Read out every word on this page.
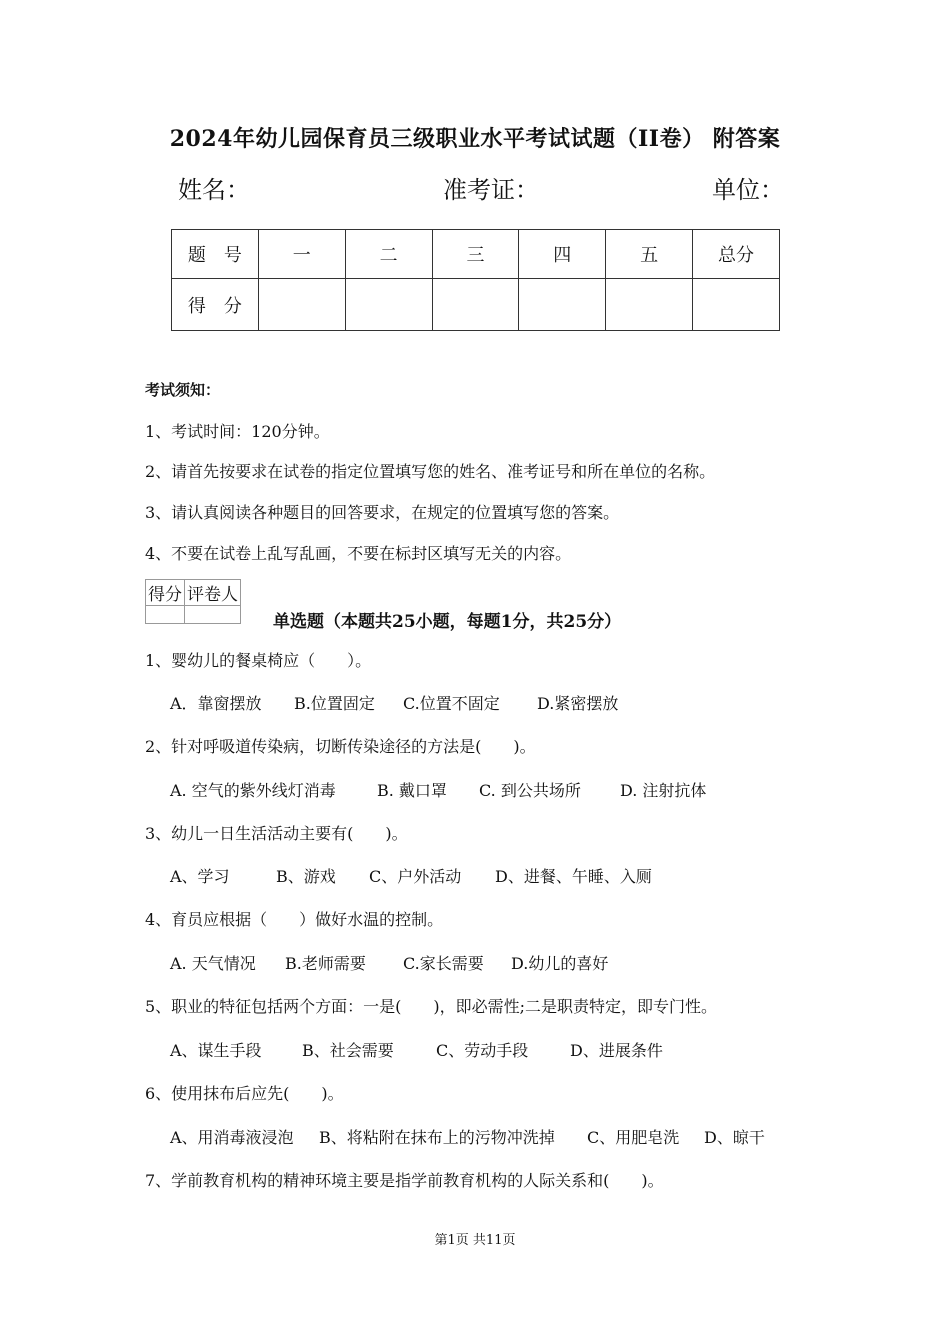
2024年幼儿园保育员三级职业水平考试试题（II卷） 附答案
姓名：	准考证：	单位：
题　号	一	二	三	四	五	总分
得　分						
考试须知：
1、考试时间：120分钟。
2、请首先按要求在试卷的指定位置填写您的姓名、准考证号和所在单位的名称。
3、请认真阅读各种题目的回答要求，在规定的位置填写您的答案。
4、不要在试卷上乱写乱画，不要在标封区填写无关的内容。
得分	评卷人

单选题（本题共25小题，每题1分，共25分）
1、婴幼儿的餐桌椅应（　　）。
A．靠窗摆放 B.位置固定 C.位置不固定 D.紧密摆放
2、针对呼吸道传染病，切断传染途径的方法是(　　)。
A. 空气的紫外线灯消毒	B. 戴口罩 C. 到公共场所 D. 注射抗体
3、幼儿一日生活活动主要有(　　)。
A、学习	B、游戏 C、户外活动 D、进餐、午睡、入厕
4、育员应根据（　　）做好水温的控制。
A. 天气情况 B.老师需要 C.家长需要 D.幼儿的喜好
5、职业的特征包括两个方面：一是(　　)，即必需性;二是职责特定，即专门性。
A、谋生手段	B、社会需要	C、劳动手段	D、进展条件
6、使用抹布后应先(　　)。
A、用消毒液浸泡 B、将粘附在抹布上的污物冲洗掉 C、用肥皂洗 D、晾干
7、学前教育机构的精神环境主要是指学前教育机构的人际关系和(　　)。
第1页 共11页
